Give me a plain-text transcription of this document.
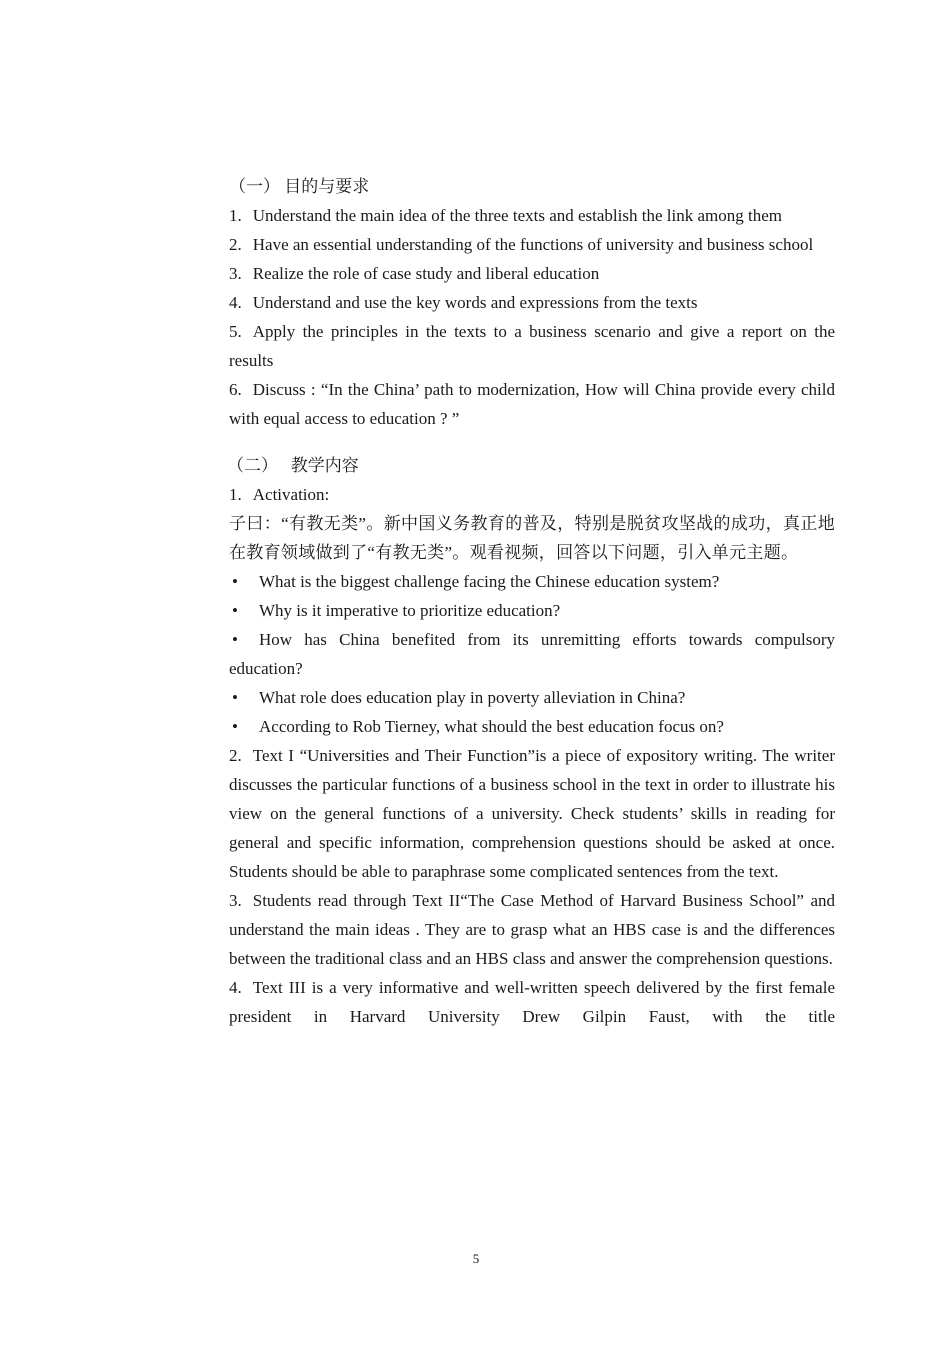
（一） 目的与要求

1. Understand the main idea of the three texts and establish the link among them

2. Have an essential understanding of the functions of university and business school

3. Realize the role of case study and liberal education

4. Understand and use the key words and expressions from the texts

5. Apply the principles in the texts to a business scenario and give a report on the results

6. Discuss : “In the China’ path to modernization, How will China provide every child with equal access to education ? ”

（二）   教学内容

1. Activation:

子曰：“有教无类”。新中国义务教育的普及，特别是脱贫攻坚战的成功，真正地在教育领域做到了“有教无类”。观看视频，回答以下问题，引入单元主题。

• What is the biggest challenge facing the Chinese education system?

• Why is it imperative to prioritize education?

• How has China benefited from its unremitting efforts towards compulsory education?

• What role does education play in poverty alleviation in China?

• According to Rob Tierney, what should the best education focus on?

2. Text I “Universities and Their Function”is a piece of expository writing. The writer discusses the particular functions of a business school in the text in order to illustrate his view on the general functions of a university. Check students’ skills in reading for general and specific information, comprehension questions should be asked at once. Students should be able to paraphrase some complicated sentences from the text.

3. Students read through Text II“The Case Method of Harvard Business School” and understand the main ideas . They are to grasp what an HBS case is and the differences between the traditional class and an HBS class and answer the comprehension questions.

4. Text III is a very informative and well-written speech delivered by the first female president in Harvard University Drew Gilpin Faust, with the title

5
